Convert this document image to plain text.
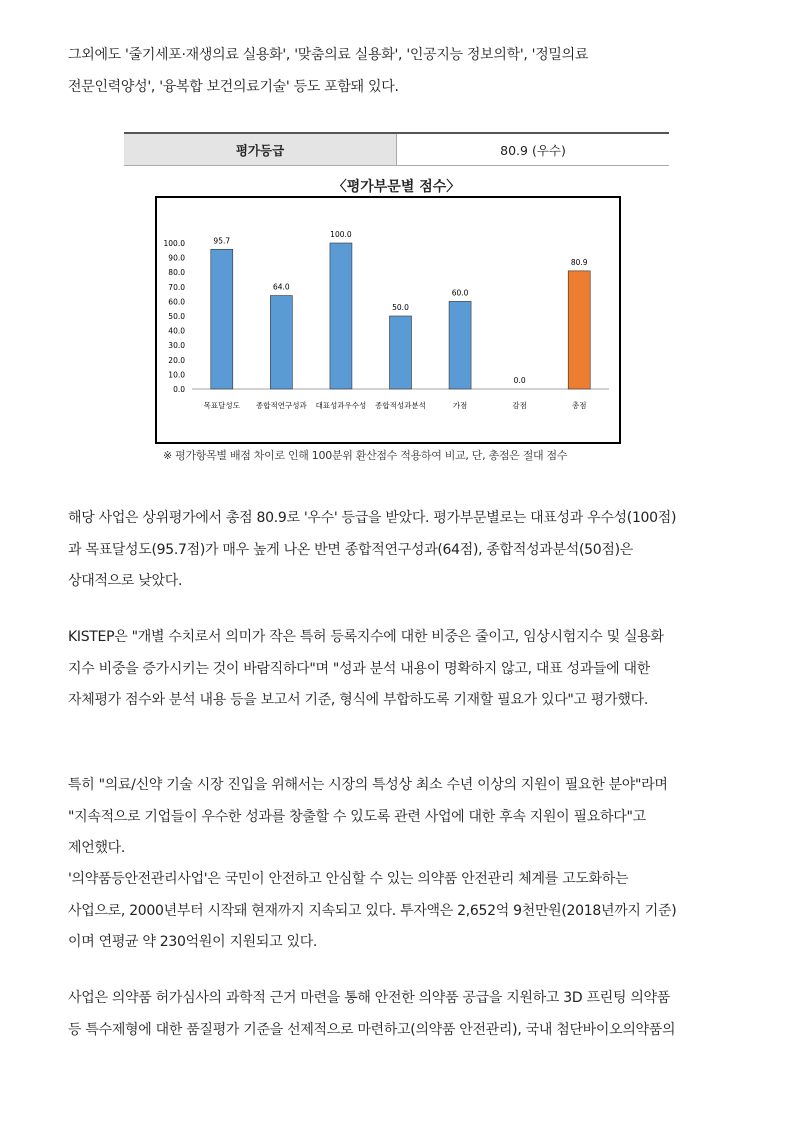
그외에도 '줄기세포·재생의료 실용화', '맞춤의료 실용화', '인공지능 정보의학', '정밀의료
전문인력양성', '융복합 보건의료기술' 등도 포함돼 있다.
평가등급	80.9 (우수)
〈평가부문별 점수〉
0.0
10.0
20.0
30.0
40.0
50.0
60.0
70.0
80.0
90.0
100.0	95.7
목표달성도
64.0
종합적연구성과
100.0
대표성과우수성
50.0
종합적성과분석
60.0
가점
0.0
감점
80.9
총점
※ 평가항목별 배점 차이로 인해 100분위 환산점수 적용하여 비교, 단, 총점은 절대 점수
해당 사업은 상위평가에서 총점 80.9로 '우수' 등급을 받았다. 평가부문별로는 대표성과 우수성(100점)
과 목표달성도(95.7점)가 매우 높게 나온 반면 종합적연구성과(64점), 종합적성과분석(50점)은
상대적으로 낮았다.
KISTEP은 "개별 수치로서 의미가 작은 특허 등록지수에 대한 비중은 줄이고, 임상시험지수 및 실용화
지수 비중을 증가시키는 것이 바람직하다"며 "성과 분석 내용이 명확하지 않고, 대표 성과들에 대한
자체평가 점수와 분석 내용 등을 보고서 기준, 형식에 부합하도록 기재할 필요가 있다"고 평가했다.
특히 "의료/신약 기술 시장 진입을 위해서는 시장의 특성상 최소 수년 이상의 지원이 필요한 분야"라며
"지속적으로 기업들이 우수한 성과를 창출할 수 있도록 관련 사업에 대한 후속 지원이 필요하다"고
제언했다.
'의약품등안전관리사업'은 국민이 안전하고 안심할 수 있는 의약품 안전관리 체계를 고도화하는
사업으로, 2000년부터 시작돼 현재까지 지속되고 있다. 투자액은 2,652억 9천만원(2018년까지 기준)
이며 연평균 약 230억원이 지원되고 있다.
사업은 의약품 허가심사의 과학적 근거 마련을 통해 안전한 의약품 공급을 지원하고 3D 프린팅 의약품
등 특수제형에 대한 품질평가 기준을 선제적으로 마련하고(의약품 안전관리), 국내 첨단바이오의약품의
